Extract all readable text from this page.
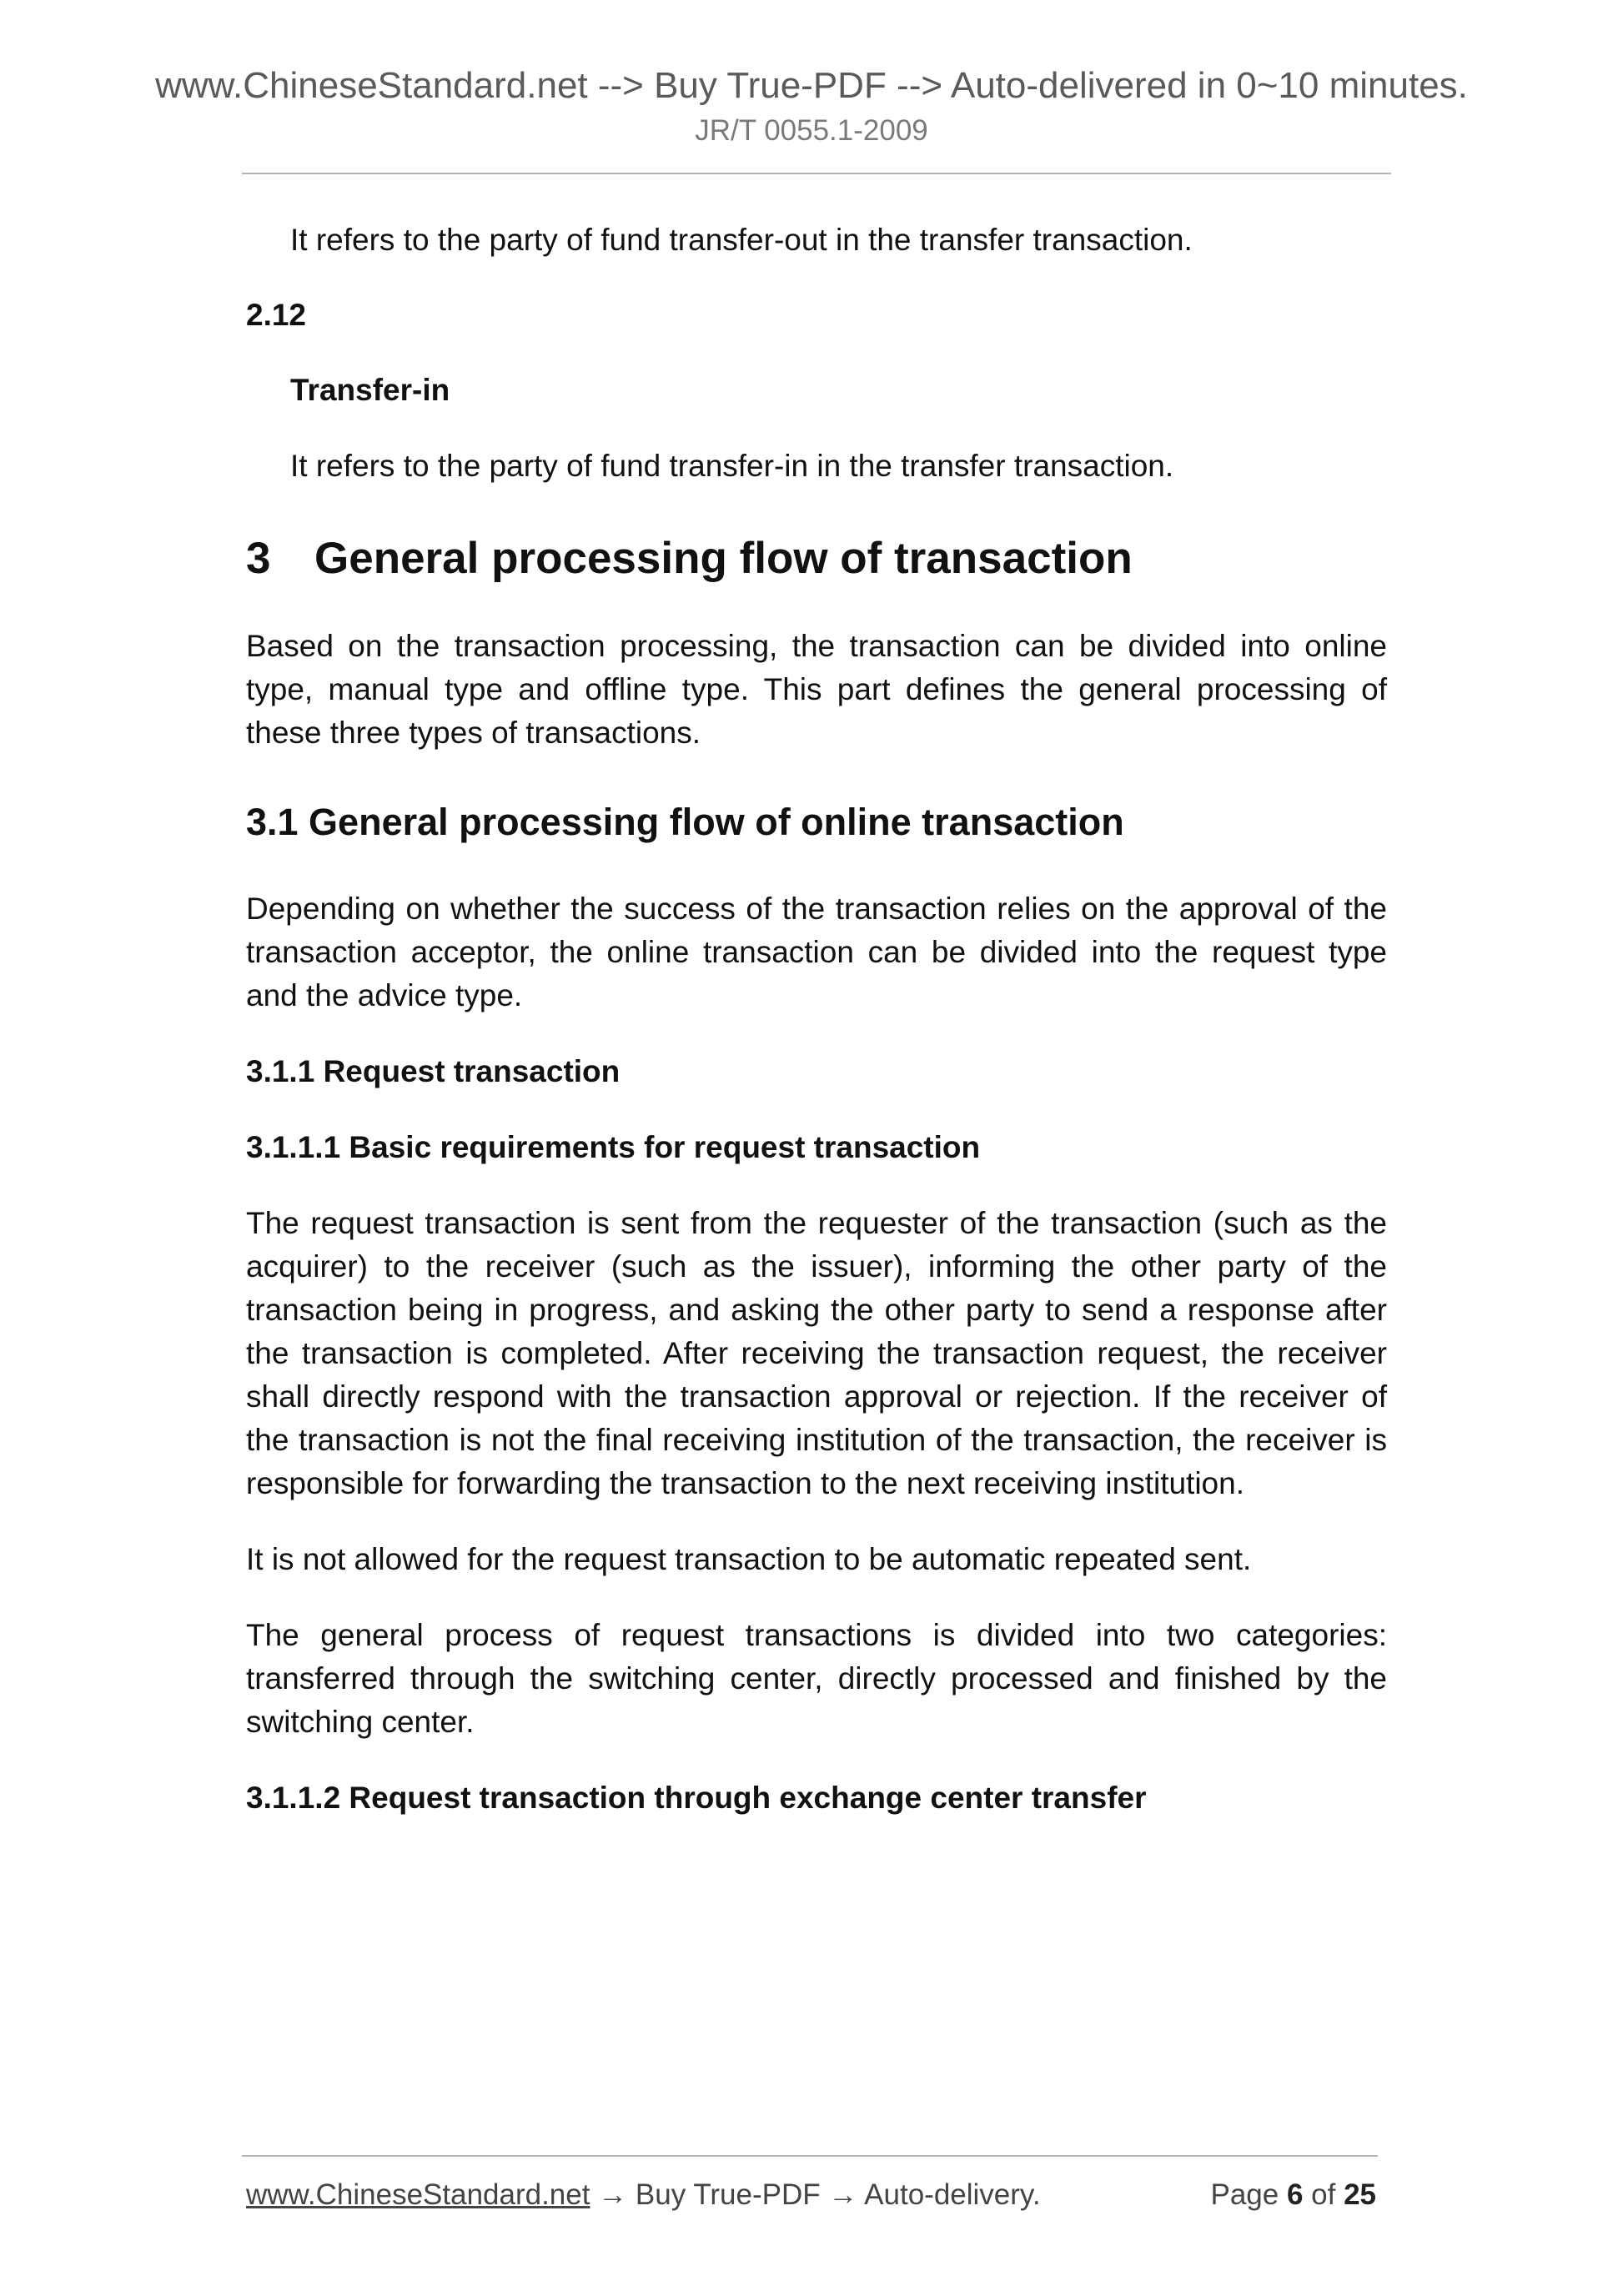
www.ChineseStandard.net --> Buy True-PDF --> Auto-delivered in 0~10 minutes.
JR/T 0055.1-2009

It refers to the party of fund transfer-out in the transfer transaction.

2.12

Transfer-in

It refers to the party of fund transfer-in in the transfer transaction.

3 General processing flow of transaction

Based on the transaction processing, the transaction can be divided into online type, manual type and offline type. This part defines the general processing of these three types of transactions.

3.1 General processing flow of online transaction

Depending on whether the success of the transaction relies on the approval of the transaction acceptor, the online transaction can be divided into the request type and the advice type.

3.1.1 Request transaction

3.1.1.1 Basic requirements for request transaction

The request transaction is sent from the requester of the transaction (such as the acquirer) to the receiver (such as the issuer), informing the other party of the transaction being in progress, and asking the other party to send a response after the transaction is completed. After receiving the transaction request, the receiver shall directly respond with the transaction approval or rejection. If the receiver of the transaction is not the final receiving institution of the transaction, the receiver is responsible for forwarding the transaction to the next receiving institution.

It is not allowed for the request transaction to be automatic repeated sent.

The general process of request transactions is divided into two categories: transferred through the switching center, directly processed and finished by the switching center.

3.1.1.2 Request transaction through exchange center transfer

www.ChineseStandard.net → Buy True-PDF → Auto-delivery.	Page 6 of 25
